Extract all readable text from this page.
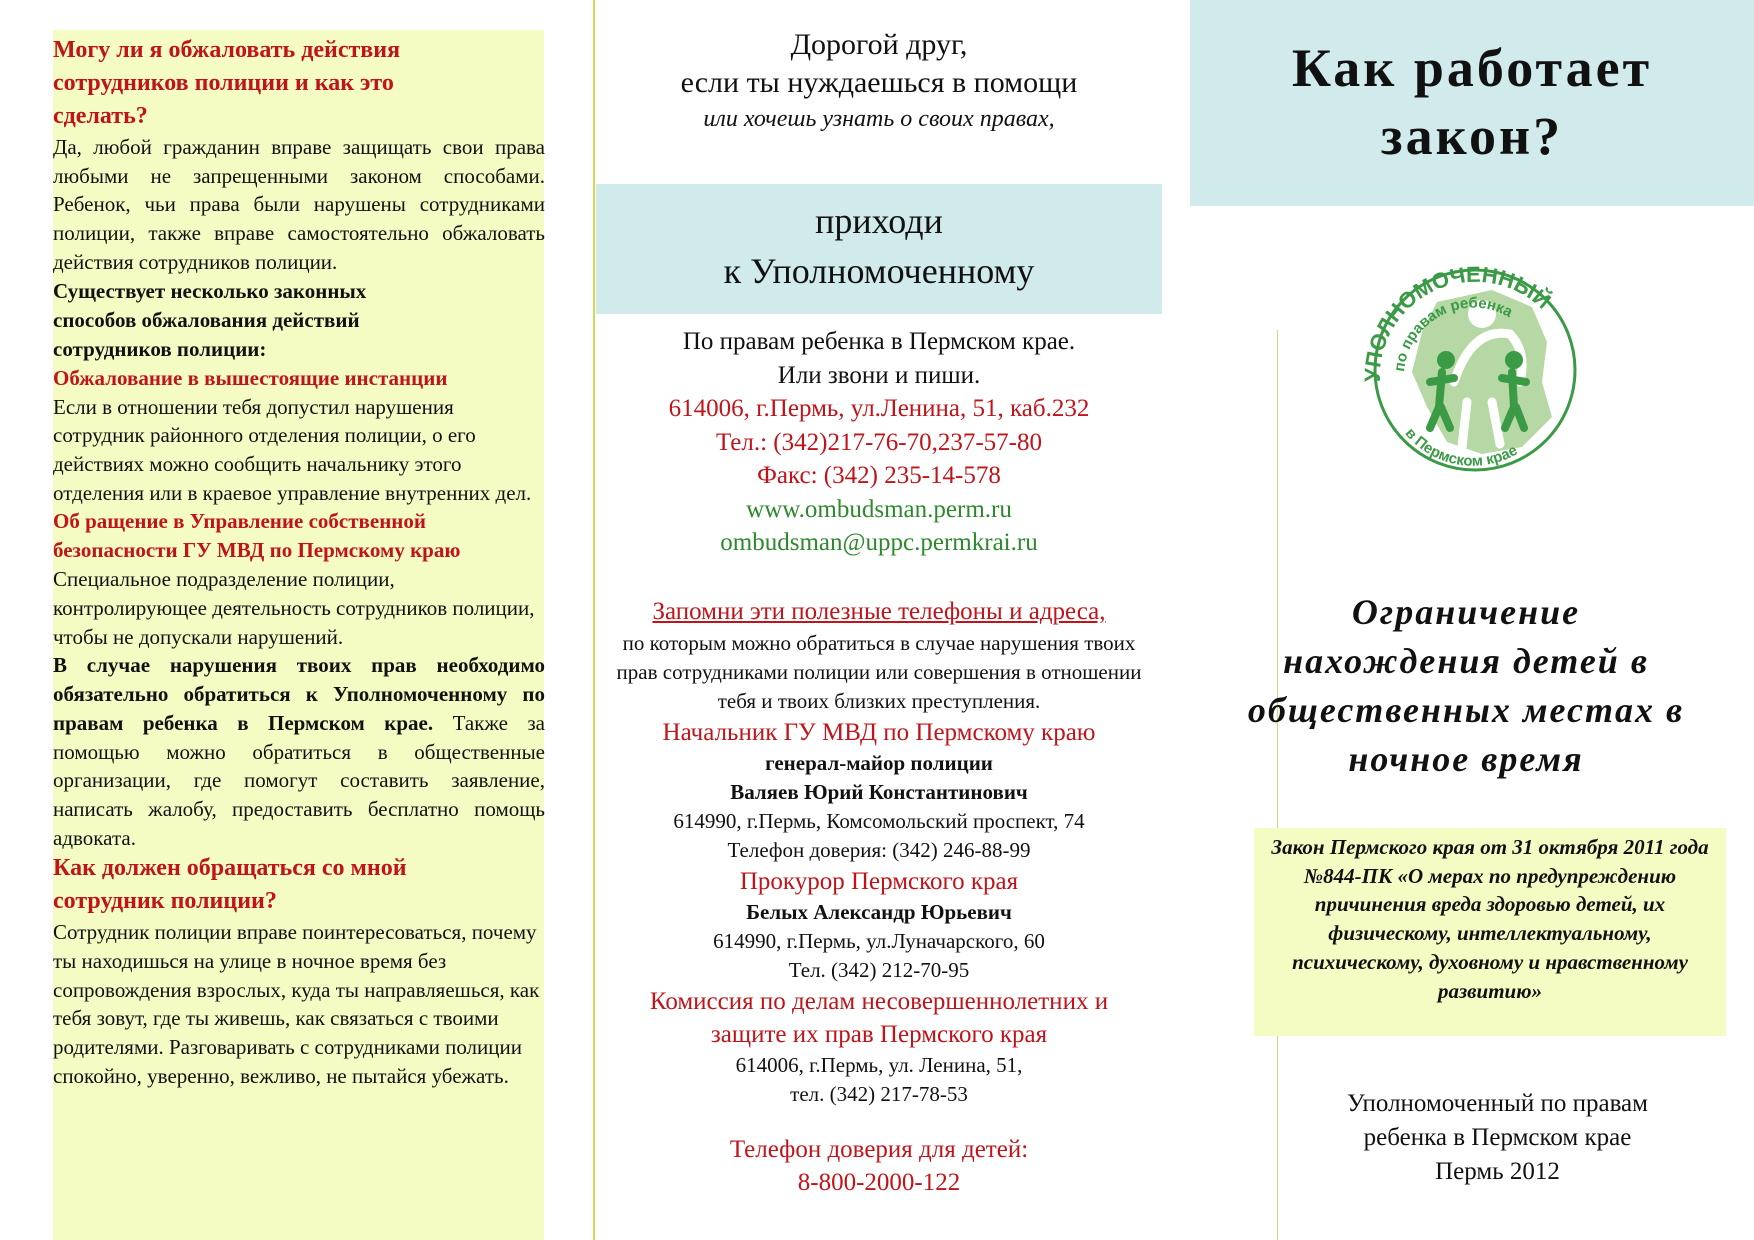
Могу ли я обжаловать действия сотрудников полиции и как это сделать?

Да, любой гражданин вправе защищать свои права любыми не запрещенными законом способами. Ребенок, чьи права были нарушены сотрудниками полиции, также вправе самостоятельно обжаловать действия сотрудников полиции.

Существует несколько законных способов обжалования действий сотрудников полиции:

Обжалование в вышестоящие инстанции

Если в отношении тебя допустил нарушения сотрудник районного отделения полиции, о его действиях можно сообщить начальнику этого отделения или в краевое управление внутренних дел.

Об ращение в Управление собственной безопасности ГУ МВД по Пермскому краю

Специальное подразделение полиции, контролирующее деятельность сотрудников полиции, чтобы не допускали нарушений.

В случае нарушения твоих прав необходимо обязательно обратиться к Уполномоченному по правам ребенка в Пермском крае. Также за помощью можно обратиться в общественные организации, где помогут составить заявление, написать жалобу, предоставить бесплатно помощь адвоката.

Как должен обращаться со мной сотрудник полиции?

Сотрудник полиции вправе поинтересоваться, почему ты находишься на улице в ночное время без сопровождения взрослых, куда ты направляешься, как тебя зовут, где ты живешь, как связаться с твоими родителями. Разговаривать с сотрудниками полиции спокойно, уверенно, вежливо, не пытайся убежать.

Дорогой друг,
если ты нуждаешься в помощи
или хочешь узнать о своих правах,
приходи
к Уполномоченному
По правам ребенка в Пермском крае.
Или звони и пиши.
614006, г.Пермь, ул.Ленина, 51, каб.232
Тел.: (342)217-76-70,237-57-80
Факс: (342) 235-14-578
www.ombudsman.perm.ru
ombudsman@uppc.permkrai.ru
Запомни эти полезные телефоны и адреса,
по которым можно обратиться в случае нарушения твоих прав сотрудниками полиции или совершения в отношении тебя и твоих близких преступления.
Начальник ГУ МВД по Пермскому краю
генерал-майор полиции
Валяев Юрий Константинович
614990, г.Пермь, Комсомольский проспект, 74
Телефон доверия: (342) 246-88-99
Прокурор Пермского края
Белых Александр Юрьевич
614990, г.Пермь, ул.Луначарского, 60
Тел. (342) 212-70-95
Комиссия по делам несовершеннолетних и
защите их прав Пермского края
614006, г.Пермь, ул. Ленина, 51,
тел. (342) 217-78-53
Телефон доверия для детей:
8-800-2000-122
Как работает
закон?
УПОЛНОМОЧЕННЫЙ
по правам ребенка
в Пермском крае
Ограничение
нахождения детей в
общественных местах в
ночное время
Закон Пермского края от 31 октября 2011 года №844-ПК «О мерах по предупреждению причинения вреда здоровью детей, их физическому, интеллектуальному, психическому, духовному и нравственному развитию»
Уполномоченный по правам
ребенка в Пермском крае
Пермь 2012
